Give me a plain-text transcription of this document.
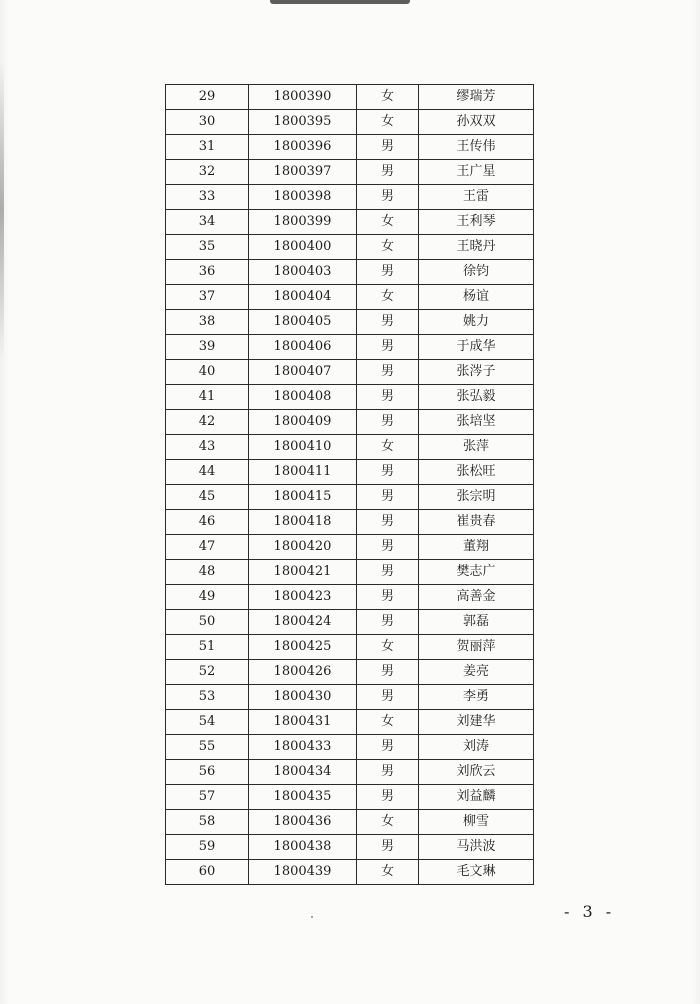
29	1800390	女	缪瑞芳
30	1800395	女	孙双双
31	1800396	男	王传伟
32	1800397	男	王广星
33	1800398	男	王雷
34	1800399	女	王利琴
35	1800400	女	王晓丹
36	1800403	男	徐钧
37	1800404	女	杨谊
38	1800405	男	姚力
39	1800406	男	于成华
40	1800407	男	张涔子
41	1800408	男	张弘毅
42	1800409	男	张培坚
43	1800410	女	张萍
44	1800411	男	张松旺
45	1800415	男	张宗明
46	1800418	男	崔贵春
47	1800420	男	董翔
48	1800421	男	樊志广
49	1800423	男	高善金
50	1800424	男	郭磊
51	1800425	女	贺丽萍
52	1800426	男	姜亮
53	1800430	男	李勇
54	1800431	女	刘建华
55	1800433	男	刘涛
56	1800434	男	刘欣云
57	1800435	男	刘益麟
58	1800436	女	柳雪
59	1800438	男	马洪波
60	1800439	女	毛文琳
- 3 -
